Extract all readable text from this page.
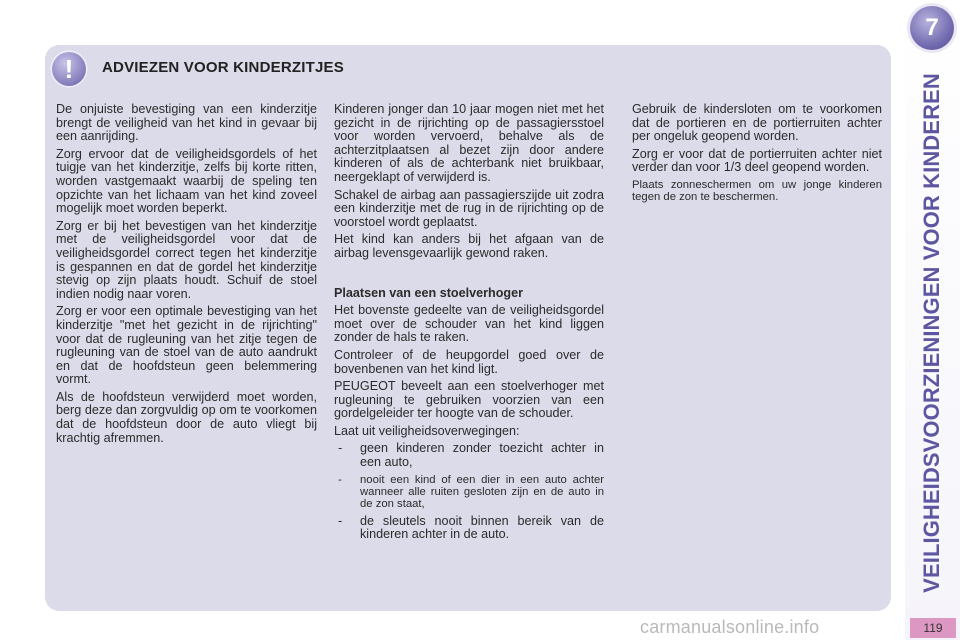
!	ADVIEZEN VOOR KINDERZITJES

De onjuiste bevestiging van een kinderzitje brengt de veiligheid van het kind in gevaar bij een aanrijding.

Zorg ervoor dat de veiligheidsgordels of het tuigje van het kinderzitje, zelfs bij korte ritten, worden vastgemaakt waarbij de speling ten opzichte van het lichaam van het kind zoveel mogelijk moet worden beperkt.

Zorg er bij het bevestigen van het kinderzitje met de veiligheidsgordel voor dat de veiligheidsgordel correct tegen het kinderzitje is gespannen en dat de gordel het kinderzitje stevig op zijn plaats houdt. Schuif de stoel indien nodig naar voren.

Zorg er voor een optimale bevestiging van het kinderzitje "met het gezicht in de rijrichting" voor dat de rugleuning van het zitje tegen de rugleuning van de stoel van de auto aandrukt en dat de hoofdsteun geen belemmering vormt.

Als de hoofdsteun verwijderd moet worden, berg deze dan zorgvuldig op om te voorkomen dat de hoofdsteun door de auto vliegt bij krachtig afremmen.

Kinderen jonger dan 10 jaar mogen niet met het gezicht in de rijrichting op de passagiersstoel voor worden vervoerd, behalve als de achterzitplaatsen al bezet zijn door andere kinderen of als de achterbank niet bruikbaar, neergeklapt of verwijderd is.

Schakel de airbag aan passagierszijde uit zodra een kinderzitje met de rug in de rijrichting op de voorstoel wordt geplaatst.

Het kind kan anders bij het afgaan van de airbag levensgevaarlijk gewond raken.

Plaatsen van een stoelverhoger

Het bovenste gedeelte van de veiligheidsgordel moet over de schouder van het kind liggen zonder de hals te raken.

Controleer of de heupgordel goed over de bovenbenen van het kind ligt.

PEUGEOT beveelt aan een stoelverhoger met rugleuning te gebruiken voorzien van een gordelgeleider ter hoogte van de schouder.

Laat uit veiligheidsoverwegingen:

-	geen kinderen zonder toezicht achter in een auto,
-	nooit een kind of een dier in een auto achter wanneer alle ruiten gesloten zijn en de auto in de zon staat,
-	de sleutels nooit binnen bereik van de kinderen achter in de auto.

Gebruik de kindersloten om te voorkomen dat de portieren en de portierruiten achter per ongeluk geopend worden.

Zorg er voor dat de portierruiten achter niet verder dan voor 1/3 deel geopend worden.

Plaats zonneschermen om uw jonge kinderen tegen de zon te beschermen.

7
VEILIGHEIDSVOORZIENINGEN VOOR KINDEREN
119
carmanualsonline.info
